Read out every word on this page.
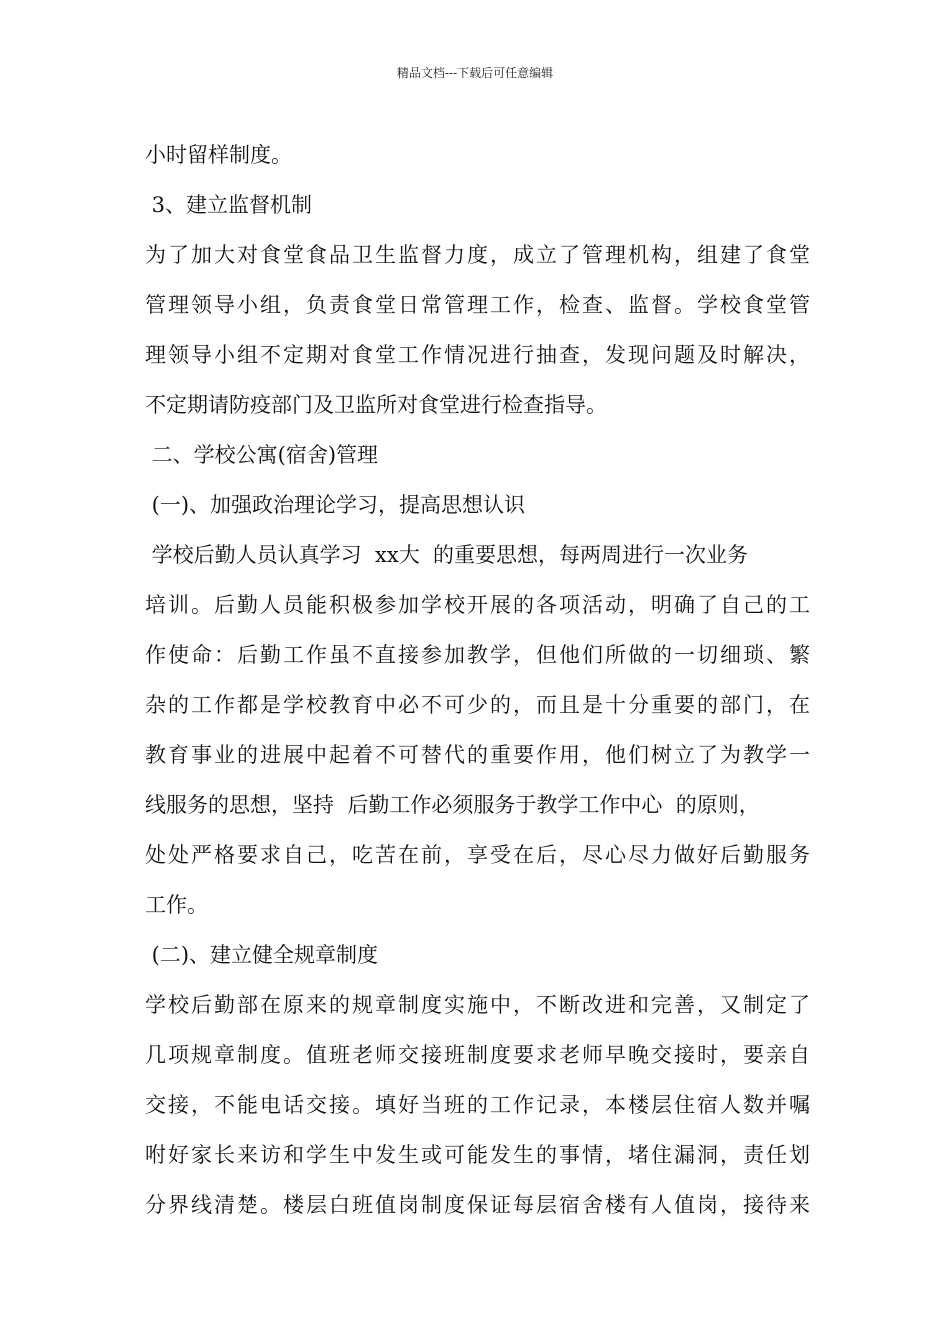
精品文档---下载后可任意编辑
小时留样制度。
3、建立监督机制
为了加大对食堂食品卫生监督力度，成立了管理机构，组建了食堂
管理领导小组，负责食堂日常管理工作，检查、监督。学校食堂管
理领导小组不定期对食堂工作情况进行抽查，发现问题及时解决，
不定期请防疫部门及卫监所对食堂进行检查指导。
二、学校公寓(宿舍)管理
(一)、加强政治理论学习，提高思想认识
学校后勤人员认真学习  xx大  的重要思想，每两周进行一次业务
培训。后勤人员能积极参加学校开展的各项活动，明确了自己的工
作使命：后勤工作虽不直接参加教学，但他们所做的一切细琐、繁
杂的工作都是学校教育中必不可少的，而且是十分重要的部门，在
教育事业的进展中起着不可替代的重要作用，他们树立了为教学一
线服务的思想，坚持  后勤工作必须服务于教学工作中心  的原则，
处处严格要求自己，吃苦在前，享受在后，尽心尽力做好后勤服务
工作。
(二)、建立健全规章制度
学校后勤部在原来的规章制度实施中，不断改进和完善，又制定了
几项规章制度。值班老师交接班制度要求老师早晚交接时，要亲自
交接，不能电话交接。填好当班的工作记录，本楼层住宿人数并嘱
咐好家长来访和学生中发生或可能发生的事情，堵住漏洞，责任划
分界线清楚。楼层白班值岗制度保证每层宿舍楼有人值岗，接待来
